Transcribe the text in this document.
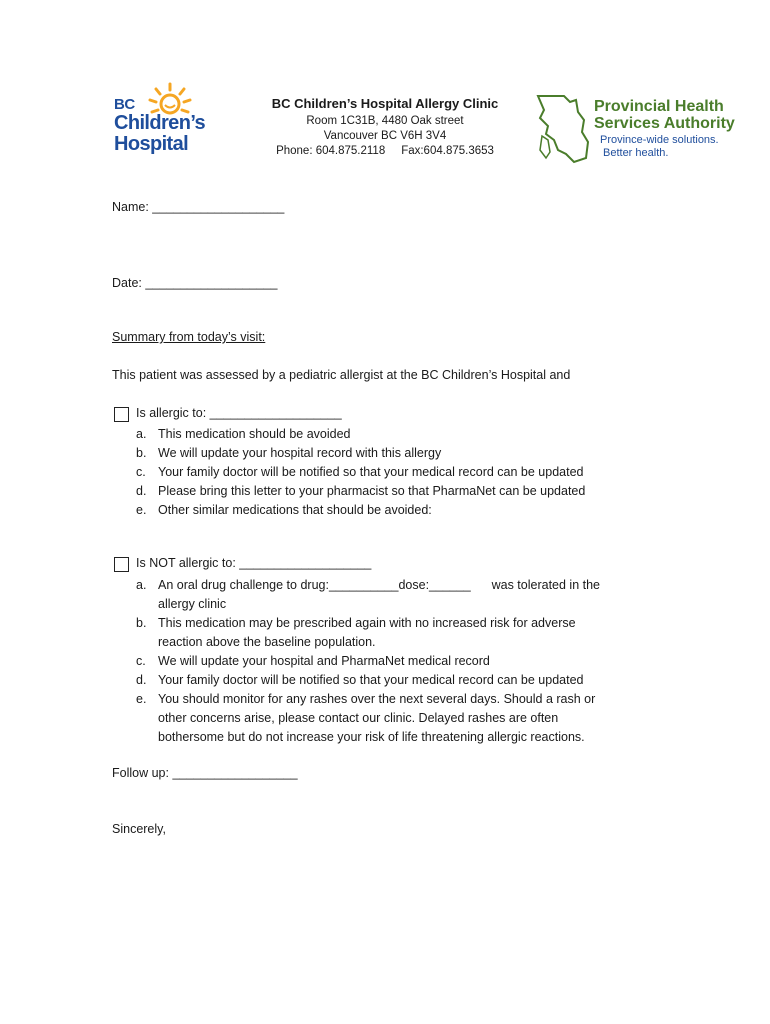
BC
Children’s
Hospital
BC Children’s Hospital Allergy Clinic
Room 1C31B, 4480 Oak street
Vancouver BC V6H 3V4
Phone: 604.875.2118     Fax:604.875.3653
Provincial Health
Services Authority
Province-wide solutions.
Better health.
Name: ___________________
Date: ___________________
Summary from today’s visit:
This patient was assessed by a pediatric allergist at the BC Children’s Hospital and
Is allergic to: ___________________
a. This medication should be avoided
b. We will update your hospital record with this allergy
c. Your family doctor will be notified so that your medical record can be updated
d. Please bring this letter to your pharmacist so that PharmaNet can be updated
e. Other similar medications that should be avoided:
Is NOT allergic to: ___________________
a. An oral drug challenge to drug:__________dose:______      was tolerated in the
allergy clinic
b. This medication may be prescribed again with no increased risk for adverse
reaction above the baseline population.
c. We will update your hospital and PharmaNet medical record
d. Your family doctor will be notified so that your medical record can be updated
e. You should monitor for any rashes over the next several days. Should a rash or
other concerns arise, please contact our clinic. Delayed rashes are often
bothersome but do not increase your risk of life threatening allergic reactions.
Follow up: __________________
Sincerely,
